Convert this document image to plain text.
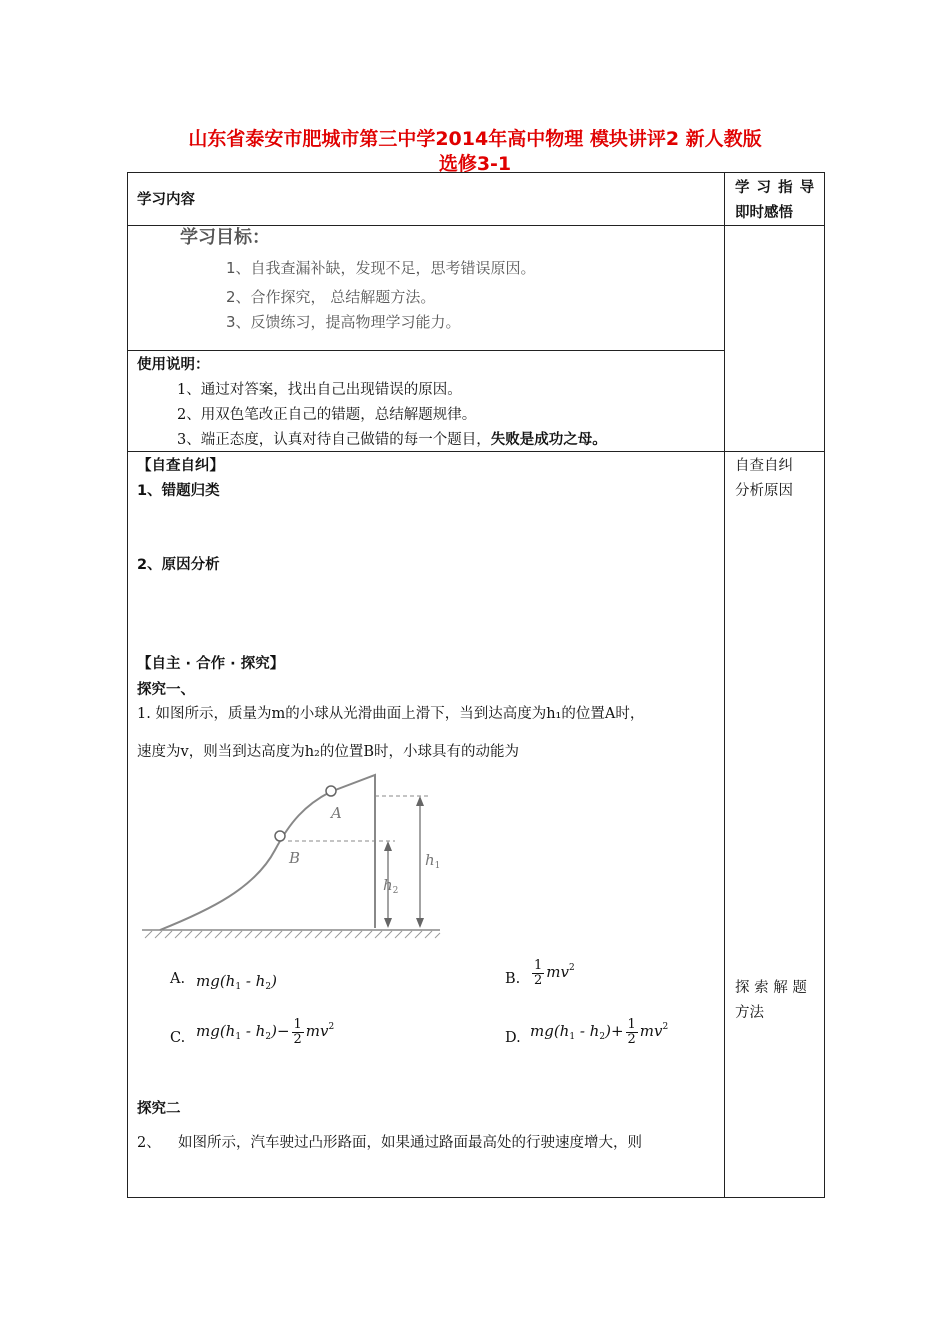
山东省泰安市肥城市第三中学2014年高中物理 模块讲评2 新人教版
选修3-1
学习内容
学 习 指 导
即时感悟
学习目标：
1、自我查漏补缺，发现不足，思考错误原因。
2、合作探究， 总结解题方法。
3、反馈练习，提高物理学习能力。
使用说明：
1、通过对答案，找出自己出现错误的原因。
2、用双色笔改正自己的错题，总结解题规律。
3、端正态度，认真对待自己做错的每一个题目，失败是成功之母。
【自查自纠】
1、错题归类
2、原因分析
自查自纠
分析原因
【自主 · 合作 · 探究】
探究一、
1. 如图所示，质量为m的小球从光滑曲面上滑下，当到达高度为h₁的位置A时，
速度为v，则当到达高度为h₂的位置B时，小球具有的动能为
A
B	$h_1$
$h_2$
A. $mg(h_1 - h_2)$	B. $\frac{1}{2} mv^2$
C. $mg(h_1 - h_2)- \frac{1}{2} mv^2$
D. $mg(h_1 - h_2)+ \frac{1}{2} mv^2$
探究二
2、 如图所示，汽车驶过凸形路面，如果通过路面最高处的行驶速度增大，则
探 索 解 题
方法
